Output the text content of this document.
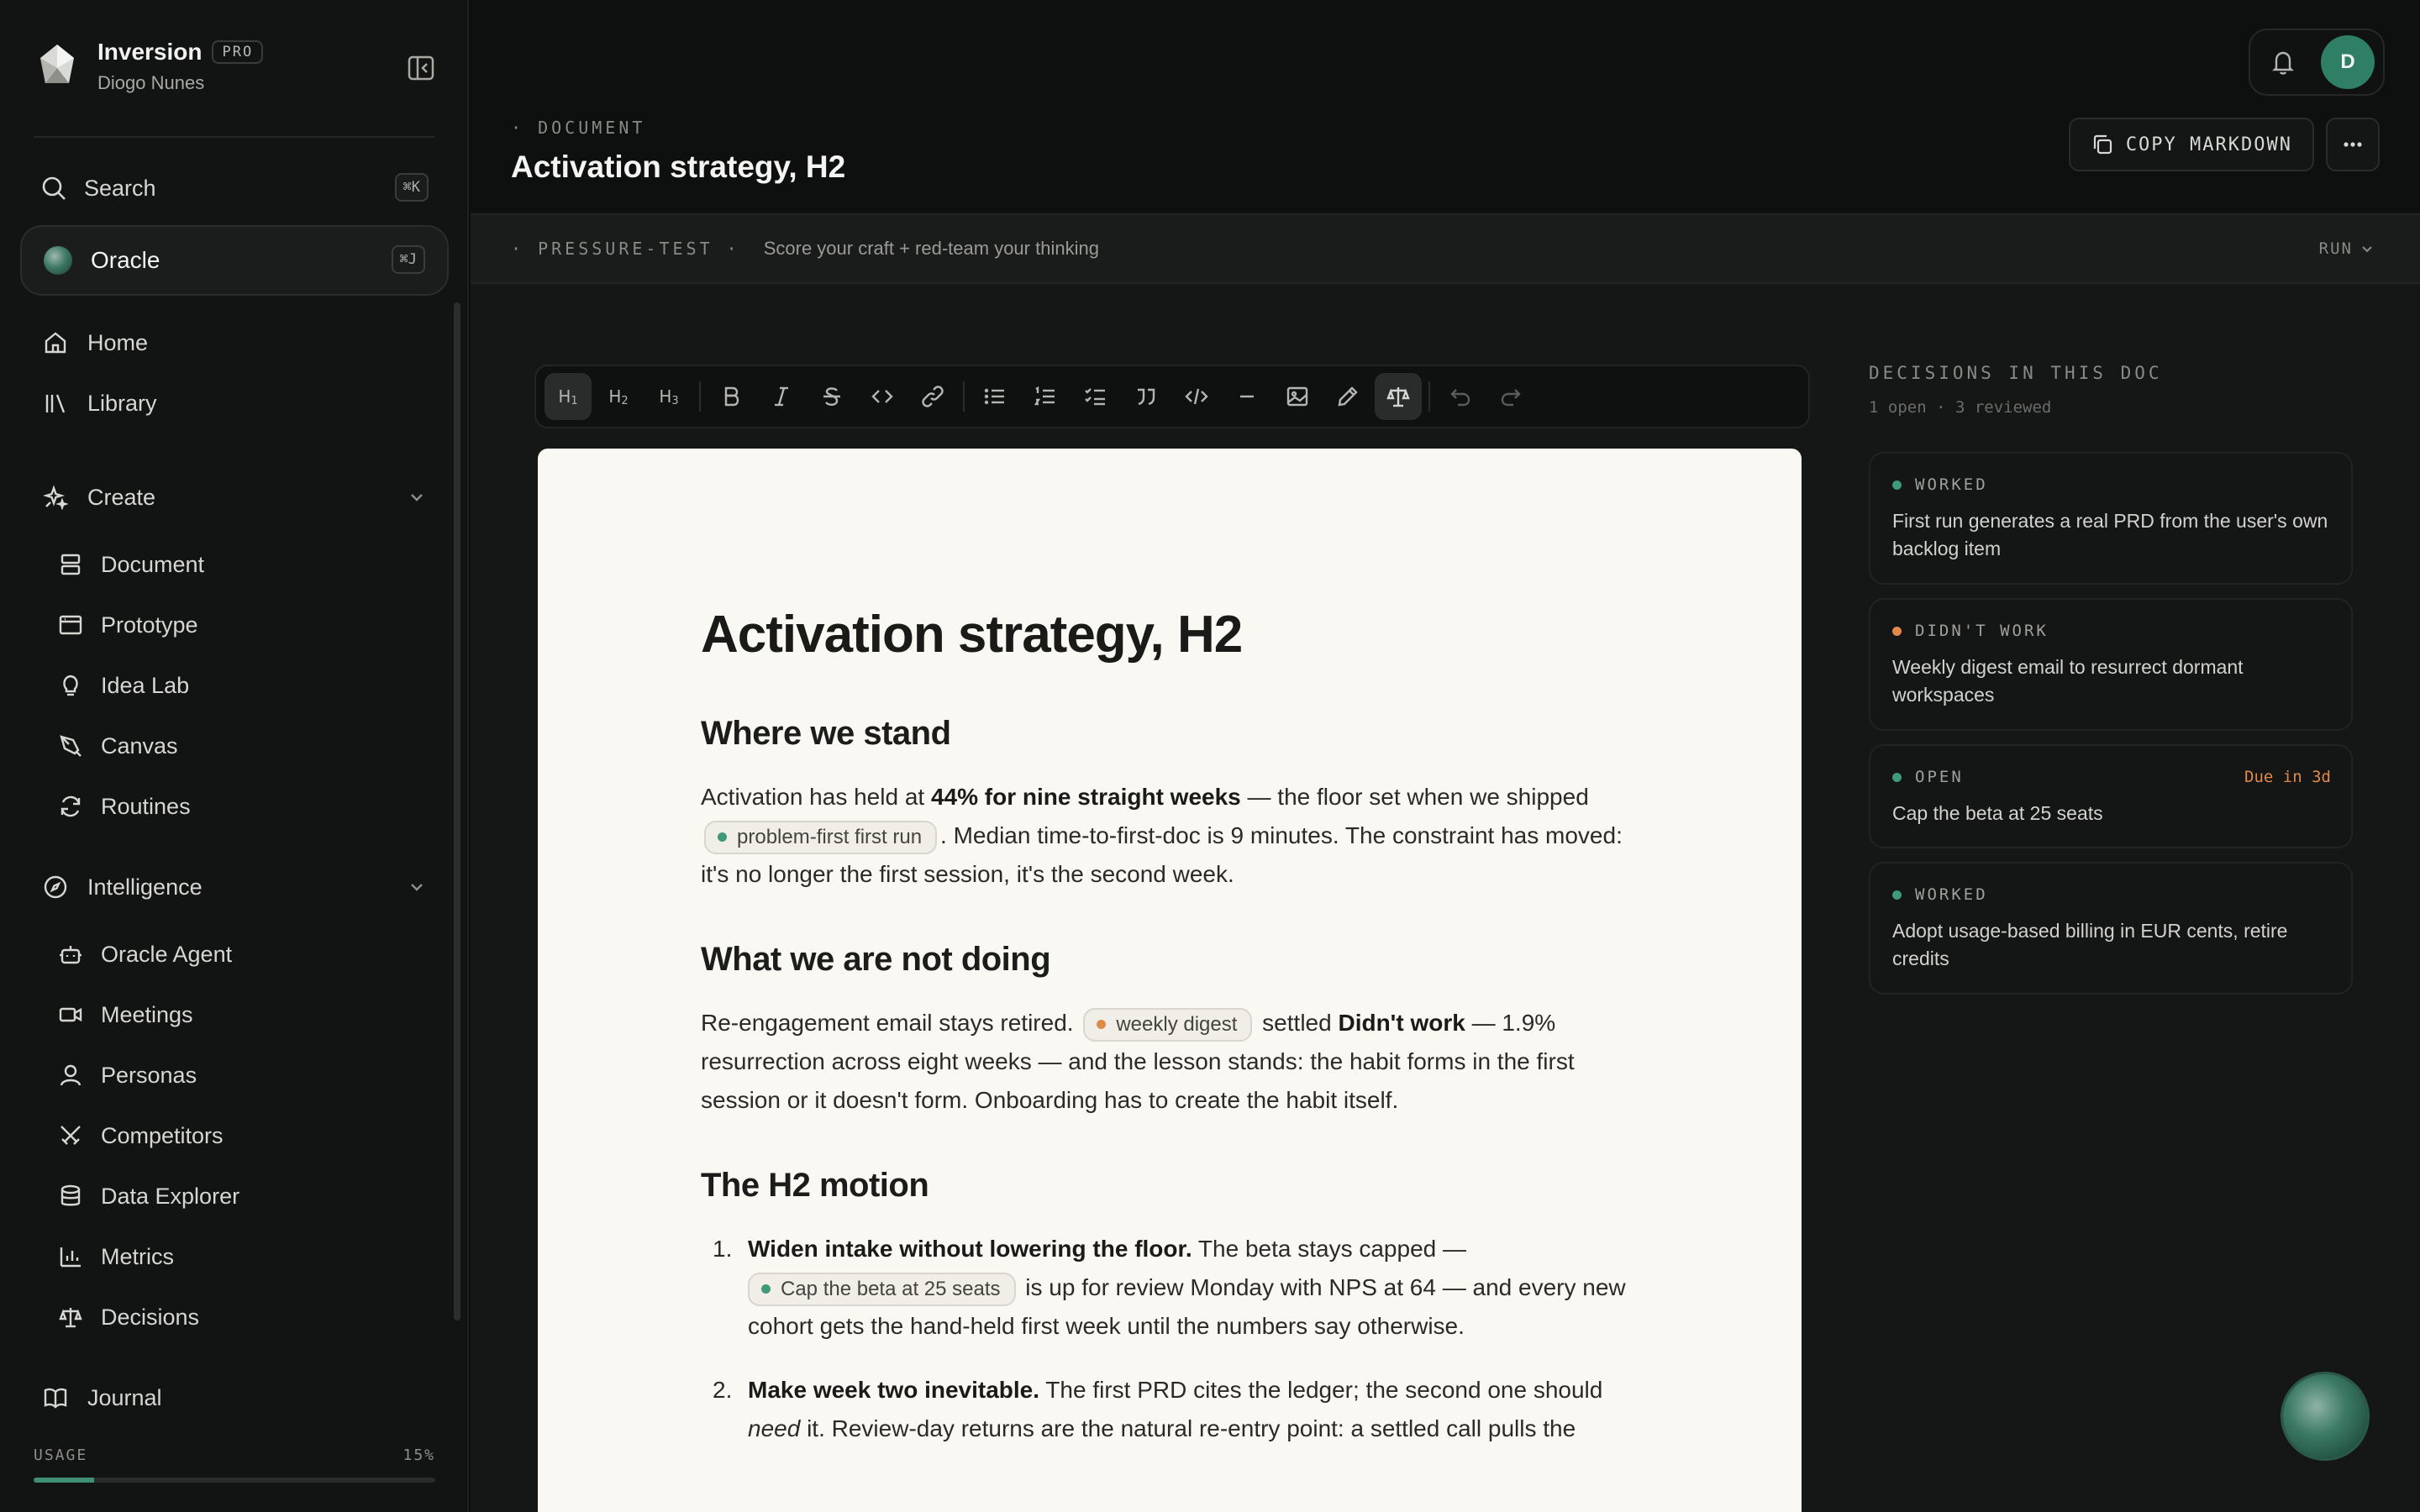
Inversion	PRO
Diogo Nunes
Search	⌘K
Oracle	⌘J
Home
Library
Create
Document
Prototype
Idea Lab
Canvas
Routines
Intelligence
Oracle Agent
Meetings
Personas
Competitors
Data Explorer
Metrics
Decisions
Journal
USAGE	15%
· DOCUMENT
Activation strategy, H2
D
COPY MARKDOWN
· PRESSURE-TEST · Score your craft + red-team your thinking	RUN
$H_1$ $H_2$ $H_3$
Activation strategy, H2
Where we stand

Activation has held at 44% for nine straight weeks — the floor set when we shipped

problem-first first run . Median time-to-first-doc is 9 minutes. The constraint has moved: it's no longer the first session, it's the second week.

What we are not doing

Re-engagement email stays retired. weekly digest settled Didn't work — 1.9% resurrection across eight weeks — and the lesson stands: the habit forms in the first session or it doesn't form. Onboarding has to create the habit itself.

The H2 motion
1. Widen intake without lowering the floor. The beta stays capped —

Cap the beta at 25 seats is up for review Monday with NPS at 64 — and every new cohort gets the hand-held first week until the numbers say otherwise.
2. Make week two inevitable. The first PRD cites the ledger; the second one should need it. Review-day returns are the natural re-entry point: a settled call pulls the
DECISIONS IN THIS DOC
1 open · 3 reviewed
WORKED
First run generates a real PRD from the user's own backlog item
DIDN'T WORK
Weekly digest email to resurrect dormant workspaces
OPEN	Due in 3d
Cap the beta at 25 seats
WORKED
Adopt usage-based billing in EUR cents, retire credits
